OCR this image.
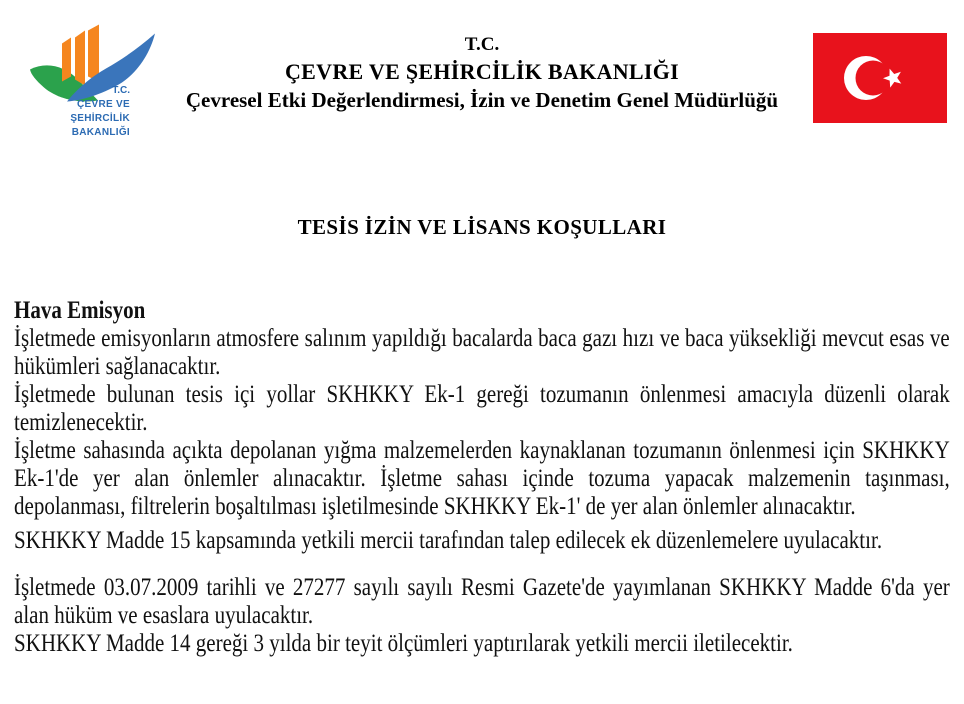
T.C.
ÇEVRE VE ŞEHİRCİLİK
BAKANLIĞI
T.C.
ÇEVRE VE ŞEHİRCİLİK BAKANLIĞI
Çevresel Etki Değerlendirmesi, İzin ve Denetim Genel Müdürlüğü
TESİS İZİN VE LİSANS KOŞULLARI

Hava Emisyon

İşletmede emisyonların atmosfere salınım yapıldığı bacalarda baca gazı hızı ve baca yüksekliği mevcut esas ve hükümleri sağlanacaktır.

İşletmede bulunan tesis içi yollar SKHKKY Ek-1 gereği tozumanın önlenmesi amacıyla düzenli olarak temizlenecektir.

İşletme sahasında açıkta depolanan yığma malzemelerden kaynaklanan tozumanın önlenmesi için SKHKKY Ek-1'de yer alan önlemler alınacaktır. İşletme sahası içinde tozuma yapacak malzemenin taşınması, depolanması, filtrelerin boşaltılması işletilmesinde SKHKKY Ek-1' de yer alan önlemler alınacaktır.

SKHKKY Madde 15 kapsamında yetkili mercii tarafından talep edilecek ek düzenlemelere uyulacaktır.

İşletmede 03.07.2009 tarihli ve 27277 sayılı sayılı Resmi Gazete'de yayımlanan SKHKKY Madde 6'da yer alan hüküm ve esaslara uyulacaktır.

SKHKKY Madde 14 gereği 3 yılda bir teyit ölçümleri yaptırılarak yetkili mercii iletilecektir.
